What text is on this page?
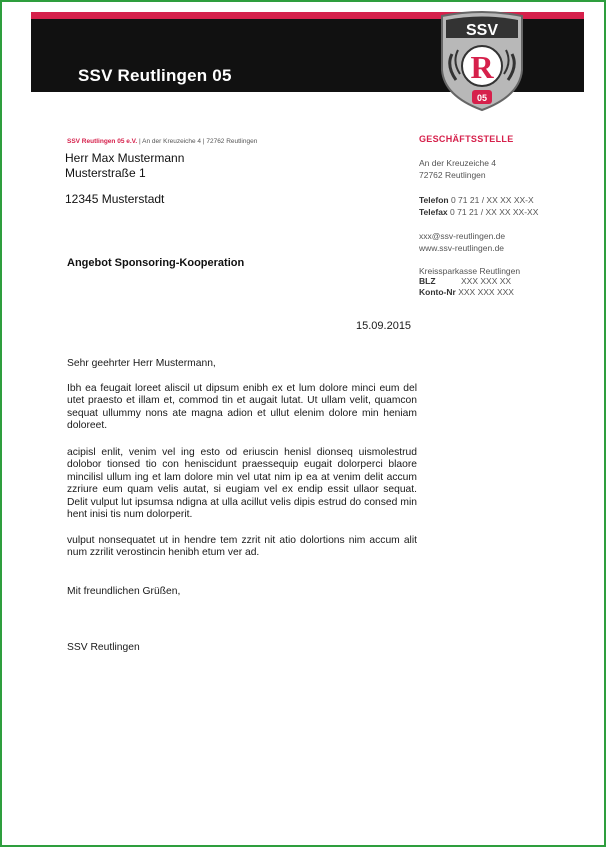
SSV Reutlingen 05
SSV
R
05
SSV Reutlingen 05 e.V. | An der Kreuzeiche 4 | 72762 Reutlingen
Herr Max Mustermann
Musterstraße 1
12345 Musterstadt
Angebot Sponsoring-Kooperation
15.09.2015
Sehr geehrter Herr Mustermann,
Ibh ea feugait loreet aliscil ut dipsum enibh ex et lum dolore minci eum del utet praesto et illam et, commod tin et augait lutat. Ut ullam velit, quamcon sequat ullummy nons ate magna adion et ullut elenim dolore min heniam doloreet.
acipisl enlit, venim vel ing esto od eriuscin henisl dionseq uismolestrud dolobor tionsed tio con heniscidunt praessequip eugait dolorperci blaore mincilisl ullum ing et lam dolore min vel utat nim ip ea at venim delit accum zzriure eum quam velis autat, si eugiam vel ex endip essit ullaor sequat. Delit vulput lut ipsumsa ndigna at ulla acillut velis dipis estrud do consed min hent inisi tis num dolorperit.
vulput nonsequatet ut in hendre tem zzrit nit atio dolortions nim accum alit num zzrilit verostincin henibh etum ver ad.
Mit freundlichen Grüßen,
SSV Reutlingen
GESCHÄFTSSTELLE
An der Kreuzeiche 4
72762 Reutlingen
Telefon 0 71 21 / XX XX XX-X
Telefax 0 71 21 / XX XX XX-XX
xxx@ssv-reutlingen.de
www.ssv-reutlingen.de
Kreissparkasse Reutlingen
BLZ	XXX XXX XX
Konto-Nr XXX XXX XXX
